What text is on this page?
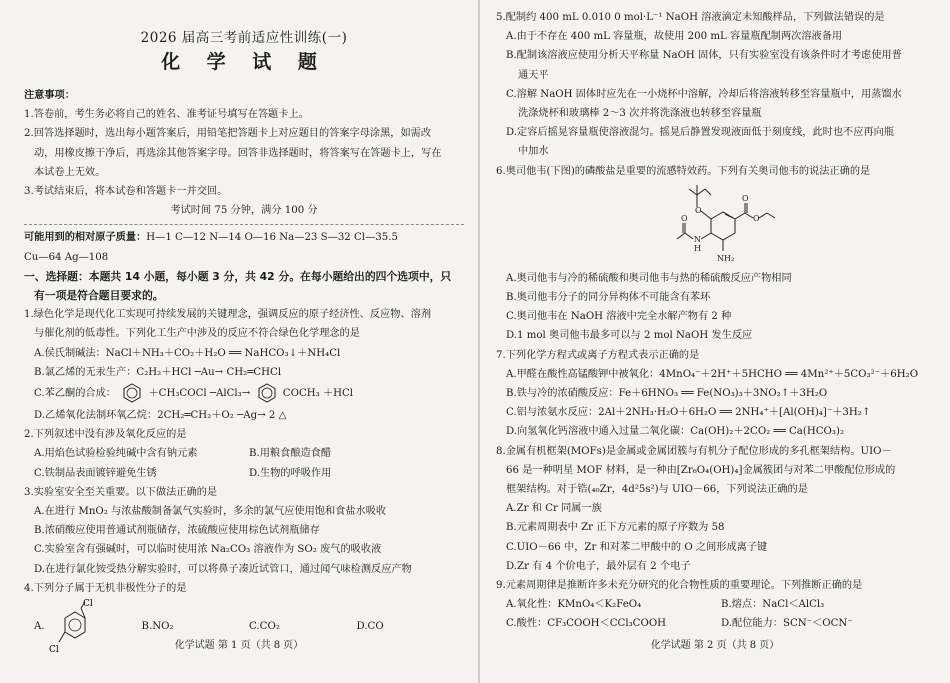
2026 届高三考前适应性训练(一)
化 学 试 题
注意事项：
1.答卷前，考生务必将自己的姓名、准考证号填写在答题卡上。
2.回答选择题时，选出每小题答案后，用铅笔把答题卡上对应题目的答案字母涂黑，如需改
动，用橡皮擦干净后，再选涂其他答案字母。回答非选择题时，将答案写在答题卡上，写在
本试卷上无效。
3.考试结束后，将本试卷和答题卡一并交回。
考试时间 75 分钟，满分 100 分
可能用到的相对原子质量：H—1 C—12 N—14 O—16 Na—23 S—32 Cl—35.5
Cu—64 Ag—108
一、选择题：本题共 14 小题，每小题 3 分，共 42 分。在每小题给出的四个选项中，只
有一项是符合题目要求的。
1.绿色化学是现代化工实现可持续发展的关键理念，强调反应的原子经济性、反应物、溶剂
与催化剂的低毒性。下列化工生产中涉及的反应不符合绿色化学理念的是
A.侯氏制碱法：NaCl＋NH₃＋CO₂＋H₂O ══ NaHCO₃↓＋NH₄Cl
B.氯乙烯的无汞生产：C₂H₂＋HCl ─Au→ CH₂═CHCl
C.苯乙酮的合成：	＋CH₃COCl ─AlCl₃→	COCH₃ ＋HCl
D.乙烯氧化法制环氧乙烷：2CH₂═CH₂＋O₂ ─Ag→ 2 △
2.下列叙述中没有涉及氧化反应的是
A.用焰色试验检验纯碱中含有钠元素	B.用粮食酿造食醋
C.铁制品表面镀锌避免生锈	D.生物的呼吸作用
3.实验室安全至关重要。以下做法正确的是
A.在进行 MnO₂ 与浓盐酸制备氯气实验时，多余的氯气应使用饱和食盐水吸收
B.浓硝酸应使用普通试剂瓶储存，浓硫酸应使用棕色试剂瓶储存
C.实验室含有强碱时，可以临时使用浓 Na₂CO₃ 溶液作为 SO₂ 废气的吸收液
D.在进行氯化铵受热分解实验时，可以将鼻子凑近试管口，通过闻气味检测反应产物
4.下列分子属于无机非极性分子的是
A.
Cl
Cl
B.NO₂	C.CO₂	D.CO
化学试题 第 1 页（共 8 页）
5.配制约 400 mL 0.010 0 mol·L⁻¹ NaOH 溶液滴定未知酸样品，下列做法错误的是
A.由于不存在 400 mL 容量瓶，故使用 200 mL 容量瓶配制两次溶液备用
B.配制该溶液应使用分析天平称量 NaOH 固体，只有实验室没有该条件时才考虑使用普
通天平
C.溶解 NaOH 固体时应先在一小烧杯中溶解，冷却后将溶液转移至容量瓶中，用蒸馏水
洗涤烧杯和玻璃棒 2～3 次并将洗涤液也转移至容量瓶
D.定容后摇晃容量瓶使溶液混匀。摇晃后静置发现液面低于刻度线，此时也不应再向瓶
中加水
6.奥司他韦(下图)的磷酸盐是重要的流感特效药。下列有关奥司他韦的说法正确的是
O
O
O
O
N
H
NH₂
A.奥司他韦与冷的稀硫酸和奥司他韦与热的稀硫酸反应产物相同
B.奥司他韦分子的同分异构体不可能含有苯环
C.奥司他韦在 NaOH 溶液中完全水解产物有 2 种
D.1 mol 奥司他韦最多可以与 2 mol NaOH 发生反应
7.下列化学方程式或离子方程式表示正确的是
A.甲醛在酸性高锰酸钾中被氧化：4MnO₄⁻＋2H⁺＋5HCHO ══ 4Mn²⁺＋5CO₃²⁻＋6H₂O
B.铁与冷的浓硝酸反应：Fe＋6HNO₃ ══ Fe(NO₃)₃＋3NO₂↑＋3H₂O
C.铝与浓氨水反应：2Al＋2NH₃·H₂O＋6H₂O ══ 2NH₄⁺＋[Al(OH)₄]⁻＋3H₂↑
D.向氢氧化钙溶液中通入过量二氧化碳：Ca(OH)₂＋2CO₂ ══ Ca(HCO₃)₂
8.金属有机框架(MOFs)是金属或金属团簇与有机分子配位形成的多孔框架结构。UIO－
66 是一种明星 MOF 材料，是一种由[Zr₆O₄(OH)₄]金属簇团与对苯二甲酸配位形成的
框架结构。对于锆(₄₀Zr，4d²5s²)与 UIO－66，下列说法正确的是
A.Zr 和 Cr 同属一族
B.元素周期表中 Zr 正下方元素的原子序数为 58
C.UIO－66 中，Zr 和对苯二甲酸中的 O 之间形成离子键
D.Zr 有 4 个价电子，最外层有 2 个电子
9.元素周期律是推断许多未充分研究的化合物性质的重要理论。下列推断正确的是
A.氧化性：KMnO₄＜K₂FeO₄	B.熔点：NaCl＜AlCl₃
C.酸性：CF₃COOH＜CCl₃COOH	D.配位能力：SCN⁻＜OCN⁻
化学试题 第 2 页（共 8 页）
